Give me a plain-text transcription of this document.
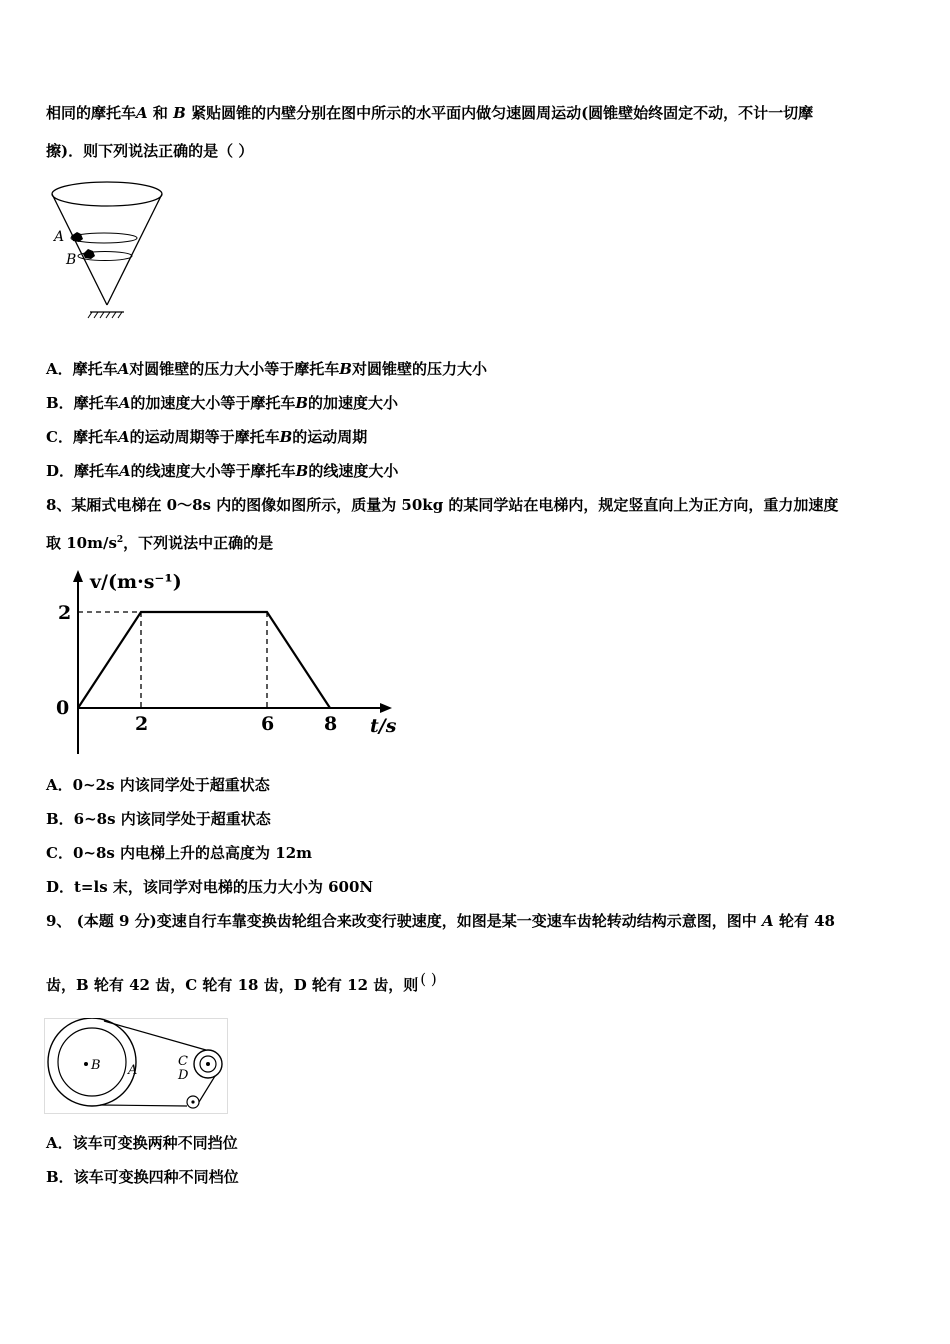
相同的摩托车A 和 B 紧贴圆锥的内壁分别在图中所示的水平面内做匀速圆周运动(圆锥壁始终固定不动，不计一切摩
擦)．则下列说法正确的是（ ）
A
B
A．摩托车A对圆锥壁的压力大小等于摩托车B对圆锥壁的压力大小
B．摩托车A的加速度大小等于摩托车B的加速度大小
C．摩托车A的运动周期等于摩托车B的运动周期
D．摩托车A的线速度大小等于摩托车B的线速度大小
8、某厢式电梯在 0～8s 内的图像如图所示，质量为 50kg 的某同学站在电梯内，规定竖直向上为正方向，重力加速度
取 $10m/s^2$，下列说法中正确的是
v/(m·s⁻¹)
t/s
0
2	6	8
2
A．0~2s 内该同学处于超重状态
B．6~8s 内该同学处于超重状态
C．0~8s 内电梯上升的总高度为 12m
D．t=ls 末，该同学对电梯的压力大小为 600N
9、 (本题 9 分)变速自行车靠变换齿轮组合来改变行驶速度，如图是某一变速车齿轮转动结构示意图，图中 A 轮有 48
齿，B 轮有 42 齿，C 轮有 18 齿，D 轮有 12 齿，则 ( )
B A
C
D
A．该车可变换两种不同挡位
B．该车可变换四种不同档位
